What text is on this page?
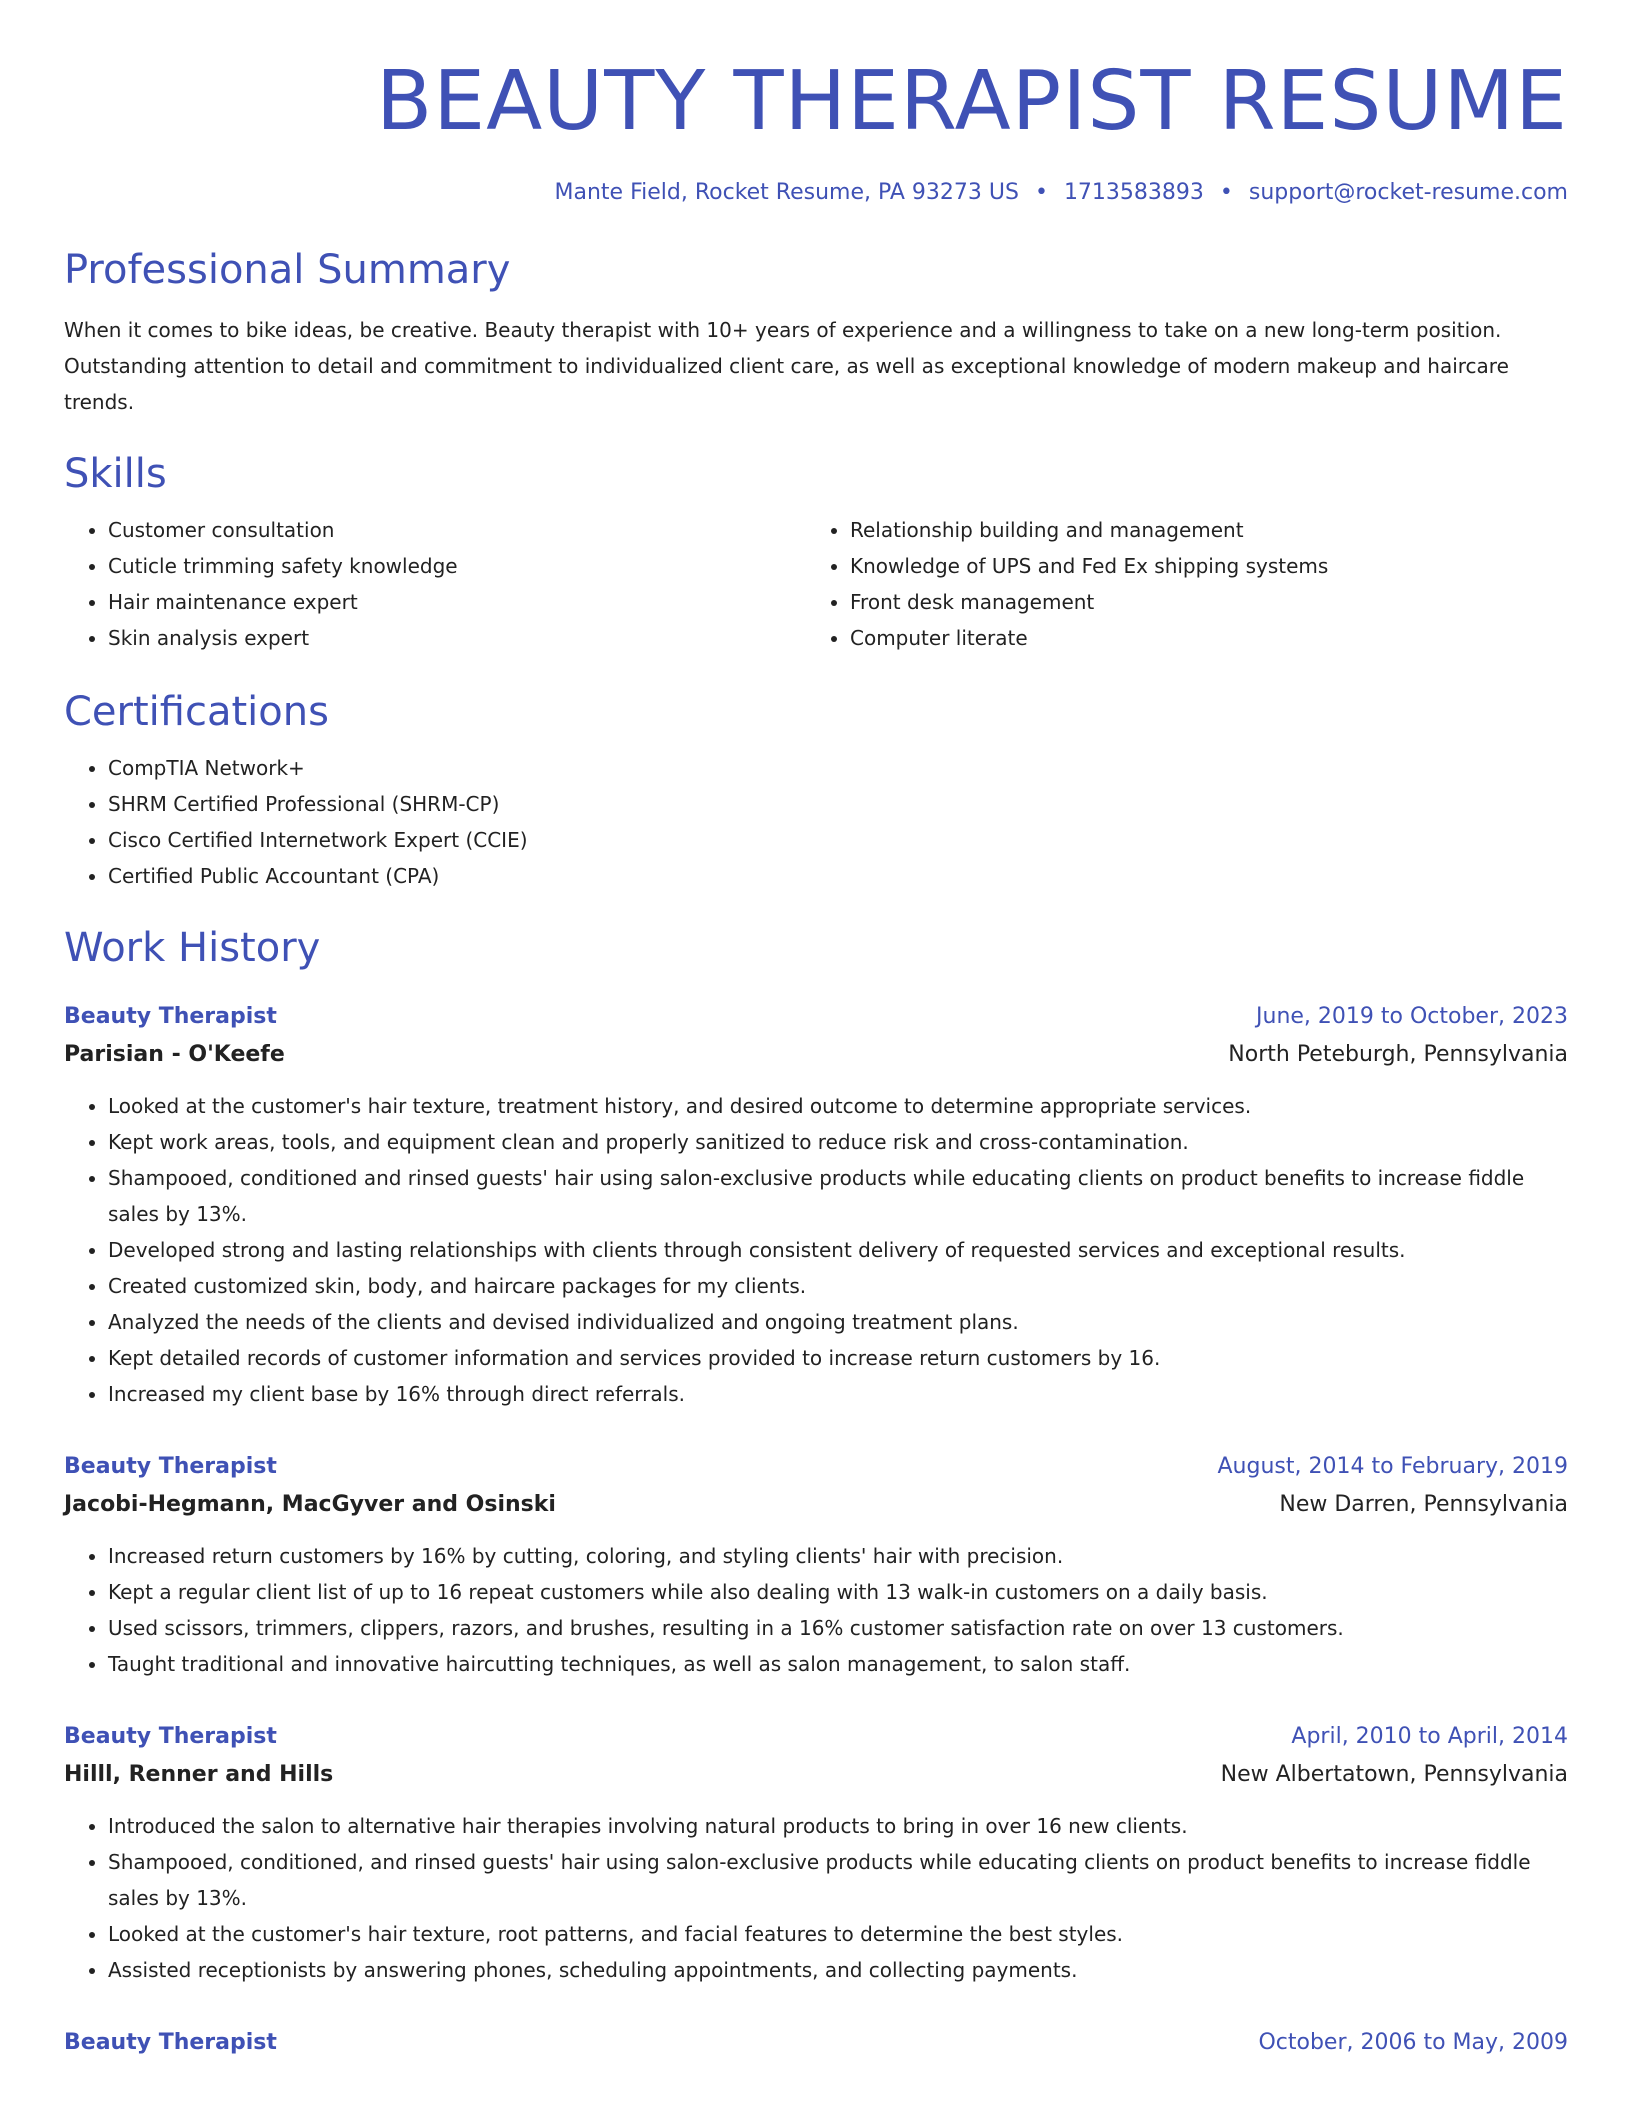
BEAUTY THERAPIST RESUME
Mante Field, Rocket Resume, PA 93273 US • 1713583893 • support@rocket-resume.com
Professional Summary

When it comes to bike ideas, be creative. Beauty therapist with 10+ years of experience and a willingness to take on a new long-term position. Outstanding attention to detail and commitment to individualized client care, as well as exceptional knowledge of modern makeup and haircare trends.

Skills
• Customer consultation
• Cuticle trimming safety knowledge
• Hair maintenance expert
• Skin analysis expert
• Relationship building and management
• Knowledge of UPS and Fed Ex shipping systems
• Front desk management
• Computer literate
Certifications
• CompTIA Network+
• SHRM Certified Professional (SHRM-CP)
• Cisco Certified Internetwork Expert (CCIE)
• Certified Public Accountant (CPA)
Work History
Beauty Therapist	June, 2019 to October, 2023
Parisian - O'Keefe	North Peteburgh, Pennsylvania
• Looked at the customer's hair texture, treatment history, and desired outcome to determine appropriate services.
• Kept work areas, tools, and equipment clean and properly sanitized to reduce risk and cross-contamination.
• Shampooed, conditioned and rinsed guests' hair using salon-exclusive products while educating clients on product benefits to increase fiddle sales by 13%.
• Developed strong and lasting relationships with clients through consistent delivery of requested services and exceptional results.
• Created customized skin, body, and haircare packages for my clients.
• Analyzed the needs of the clients and devised individualized and ongoing treatment plans.
• Kept detailed records of customer information and services provided to increase return customers by 16.
• Increased my client base by 16% through direct referrals.
Beauty Therapist	August, 2014 to February, 2019
Jacobi-Hegmann, MacGyver and Osinski	New Darren, Pennsylvania
• Increased return customers by 16% by cutting, coloring, and styling clients' hair with precision.
• Kept a regular client list of up to 16 repeat customers while also dealing with 13 walk-in customers on a daily basis.
• Used scissors, trimmers, clippers, razors, and brushes, resulting in a 16% customer satisfaction rate on over 13 customers.
• Taught traditional and innovative haircutting techniques, as well as salon management, to salon staff.
Beauty Therapist	April, 2010 to April, 2014
Hilll, Renner and Hills	New Albertatown, Pennsylvania
• Introduced the salon to alternative hair therapies involving natural products to bring in over 16 new clients.
• Shampooed, conditioned, and rinsed guests' hair using salon-exclusive products while educating clients on product benefits to increase fiddle sales by 13%.
• Looked at the customer's hair texture, root patterns, and facial features to determine the best styles.
• Assisted receptionists by answering phones, scheduling appointments, and collecting payments.
Beauty Therapist	October, 2006 to May, 2009
